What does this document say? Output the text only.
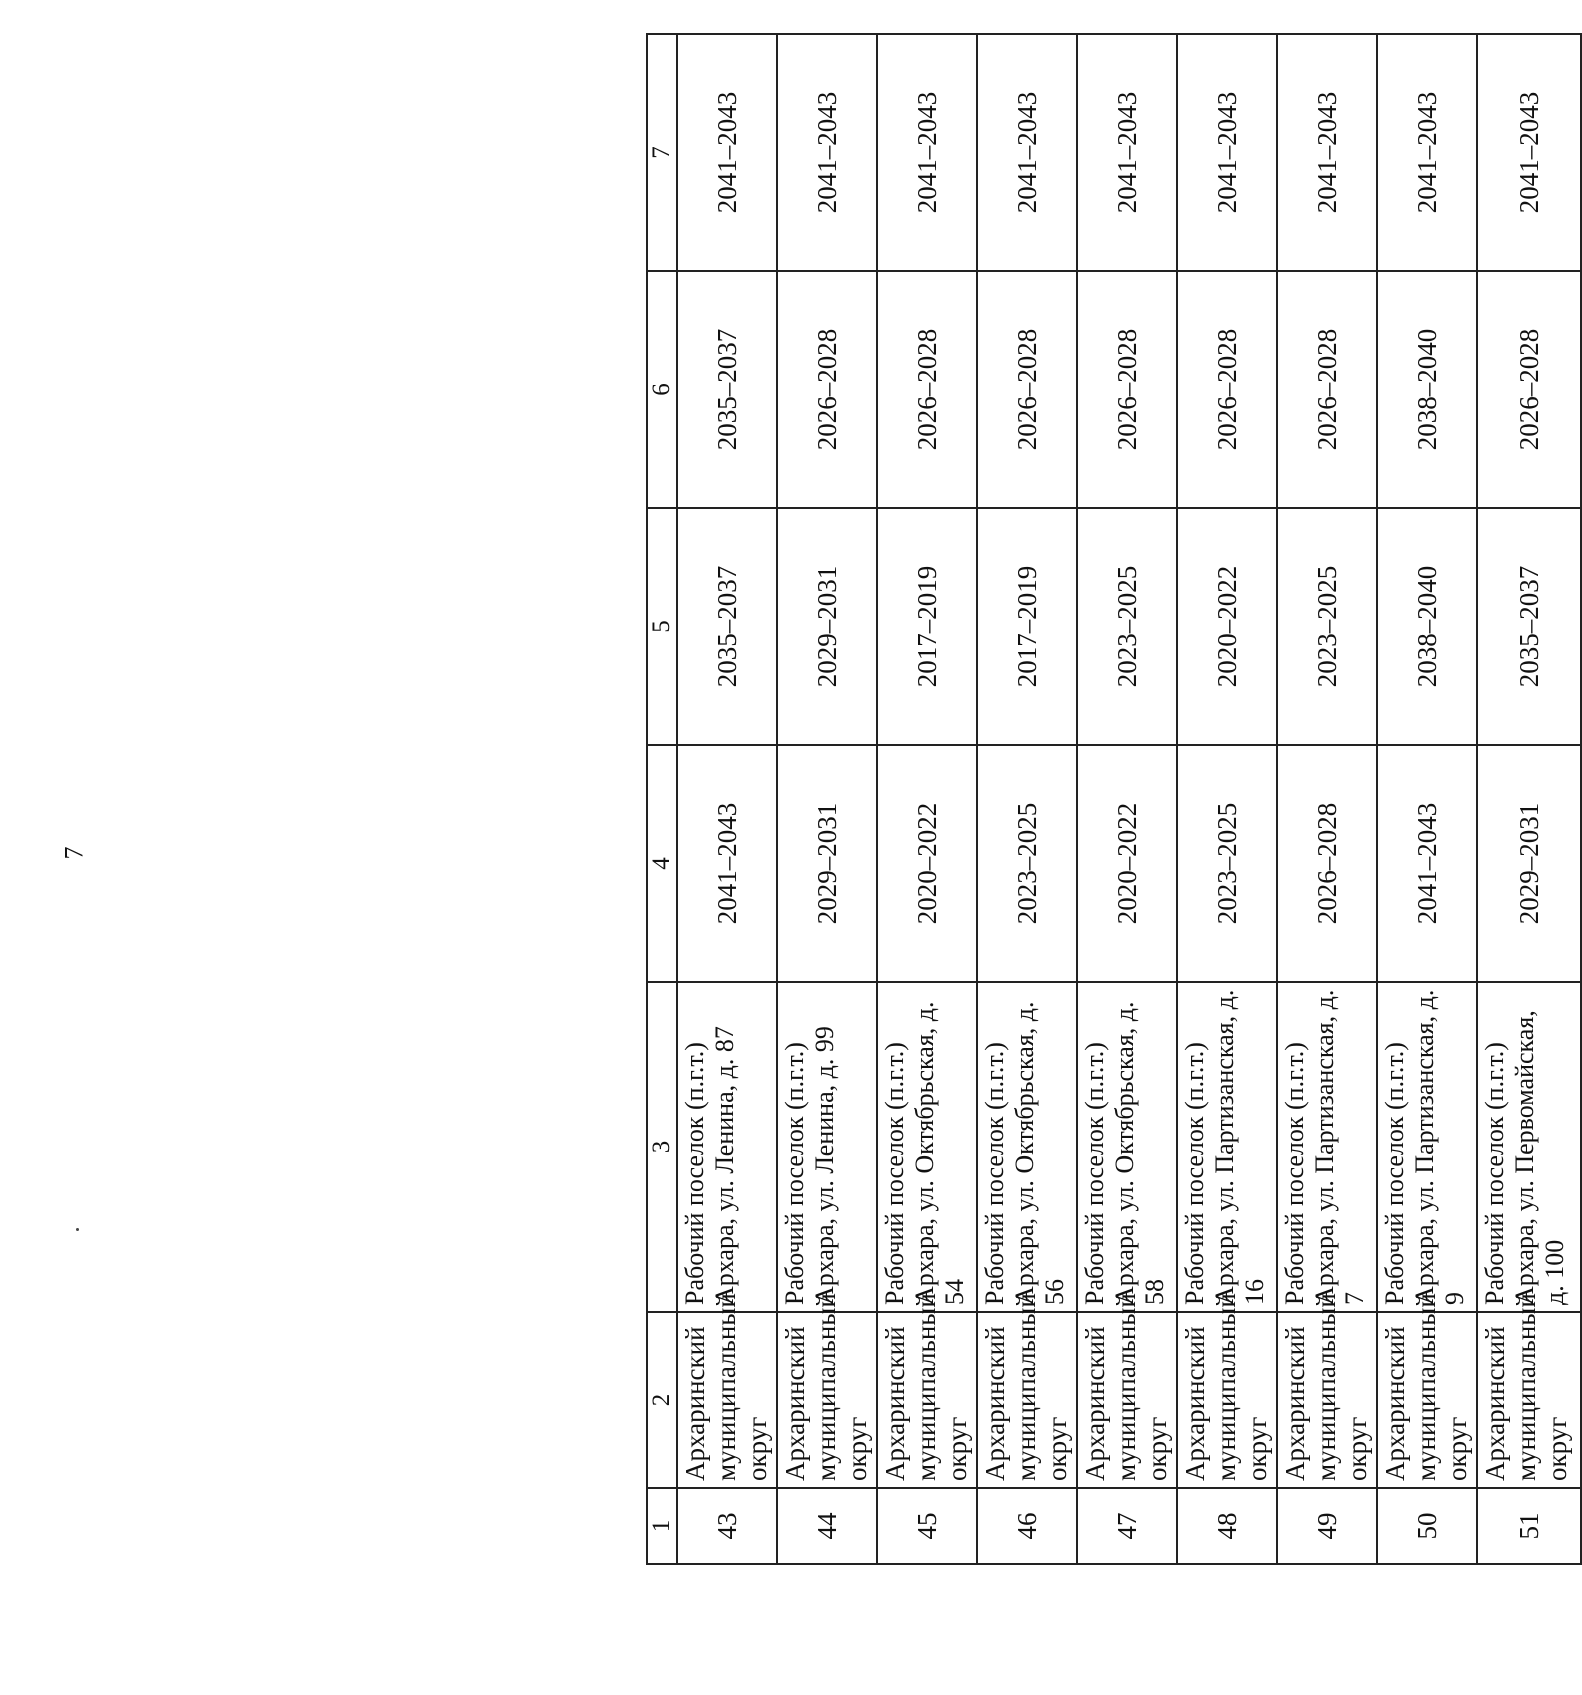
7
1	2	3	4	5	6	7
43	Архаринский муниципальный округ	Рабочий поселок (п.г.т.) Архара, ул. Ленина, д. 87	2041–2043	2035–2037	2035–2037	2041–2043
44	Архаринский муниципальный округ	Рабочий поселок (п.г.т.) Архара, ул. Ленина, д. 99	2029–2031	2029–2031	2026–2028	2041–2043
45	Архаринский муниципальный округ	Рабочий поселок (п.г.т.) Архара, ул. Октябрьская, д. 54	2020–2022	2017–2019	2026–2028	2041–2043
46	Архаринский муниципальный округ	Рабочий поселок (п.г.т.) Архара, ул. Октябрьская, д. 56	2023–2025	2017–2019	2026–2028	2041–2043
47	Архаринский муниципальный округ	Рабочий поселок (п.г.т.) Архара, ул. Октябрьская, д. 58	2020–2022	2023–2025	2026–2028	2041–2043
48	Архаринский муниципальный округ	Рабочий поселок (п.г.т.) Архара, ул. Партизанская, д. 16	2023–2025	2020–2022	2026–2028	2041–2043
49	Архаринский муниципальный округ	Рабочий поселок (п.г.т.) Архара, ул. Партизанская, д. 7	2026–2028	2023–2025	2026–2028	2041–2043
50	Архаринский муниципальный округ	Рабочий поселок (п.г.т.) Архара, ул. Партизанская, д. 9	2041–2043	2038–2040	2038–2040	2041–2043
51	Архаринский муниципальный округ	Рабочий поселок (п.г.т.) Архара, ул. Первомайская, д. 100	2029–2031	2035–2037	2026–2028	2041–2043
